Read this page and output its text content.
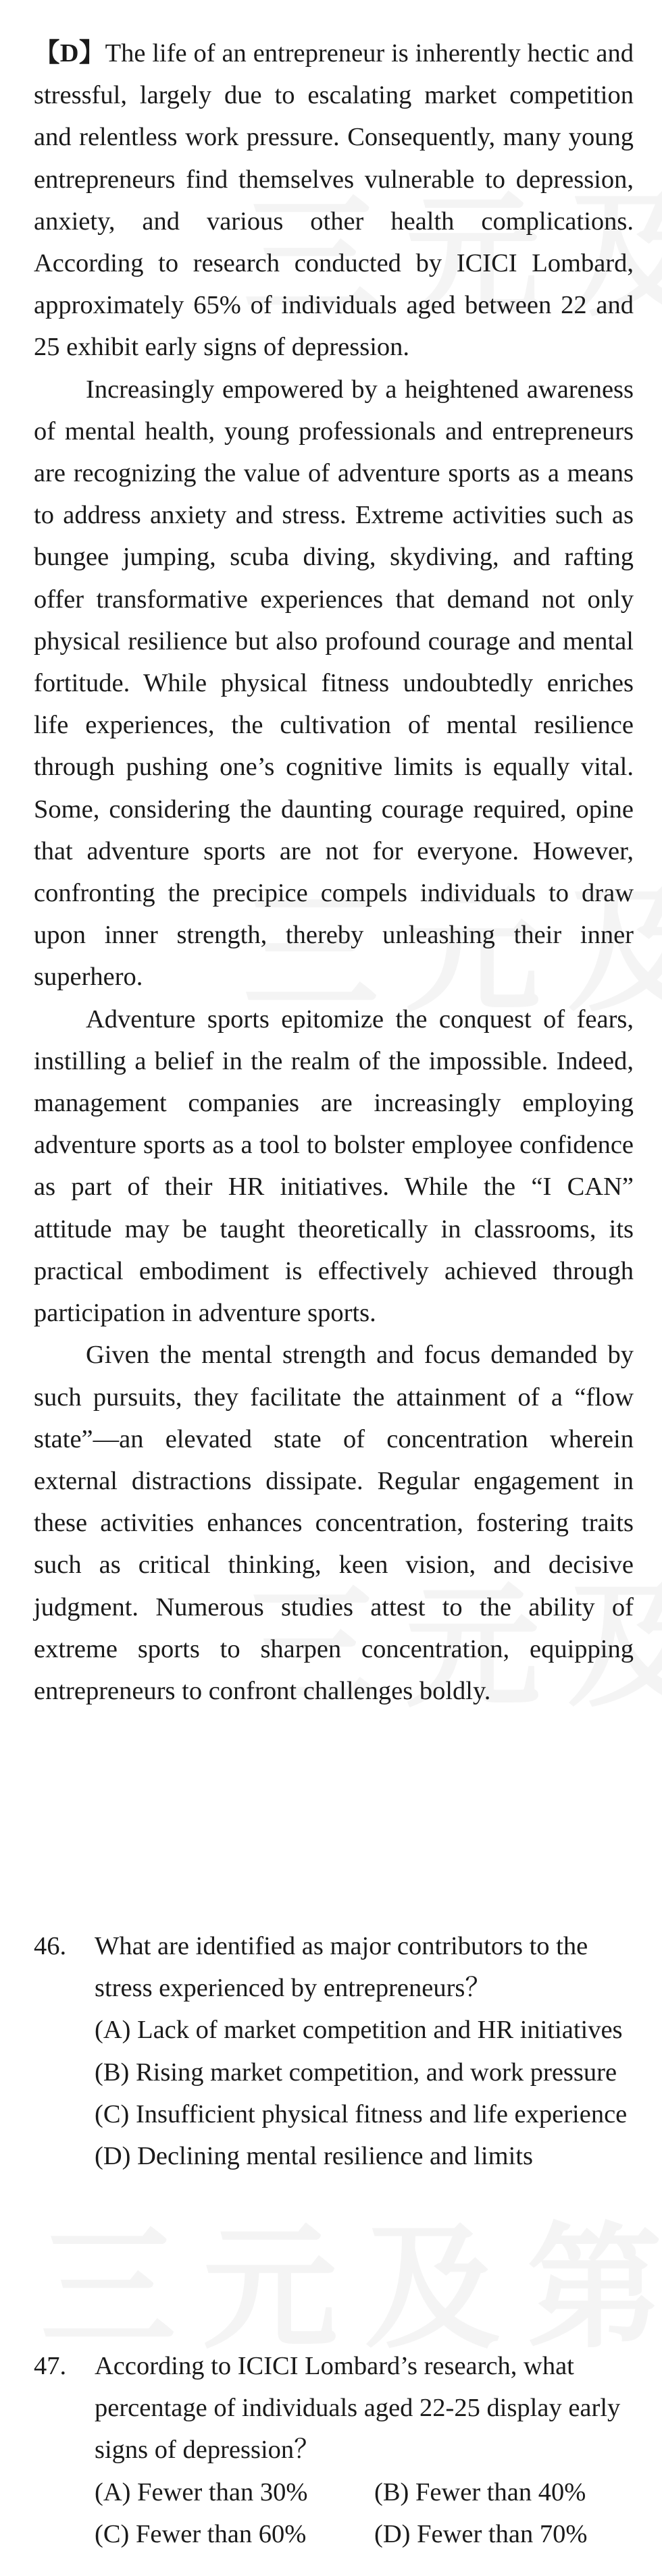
【D】The life of an entrepreneur is inherently hectic and stressful, largely due to escalating market competition and relentless work pressure. Consequently, many young entrepreneurs find themselves vulnerable to depression, anxiety, and various other health complications. According to research conducted by ICICI Lombard, approximately 65% of individuals aged between 22 and 25 exhibit early signs of depression.

Increasingly empowered by a heightened awareness of mental health, young professionals and entrepreneurs are recognizing the value of adventure sports as a means to address anxiety and stress. Extreme activities such as bungee jumping, scuba diving, skydiving, and rafting offer transformative experiences that demand not only physical resilience but also profound courage and mental fortitude. While physical fitness undoubtedly enriches life experiences, the cultivation of mental resilience through pushing one’s cognitive limits is equally vital. Some, considering the daunting courage required, opine that adventure sports are not for everyone. However, confronting the precipice compels individuals to draw upon inner strength, thereby unleashing their inner superhero.

Adventure sports epitomize the conquest of fears, instilling a belief in the realm of the impossible. Indeed, management companies are increasingly employing adventure sports as a tool to bolster employee confidence as part of their HR initiatives. While the “I CAN” attitude may be taught theoretically in classrooms, its practical embodiment is effectively achieved through participation in adventure sports.

Given the mental strength and focus demanded by such pursuits, they facilitate the attainment of a “flow state”—an elevated state of concentration wherein external distractions dissipate. Regular engagement in these activities enhances concentration, fostering traits such as critical thinking, keen vision, and decisive judgment. Numerous studies attest to the ability of extreme sports to sharpen concentration, equipping entrepreneurs to confront challenges boldly.

46.	What are identified as major contributors to the stress experienced by entrepreneurs？
(A) Lack of market competition and HR initiatives
(B) Rising market competition, and work pressure
(C) Insufficient physical fitness and life experience
(D) Declining mental resilience and limits
47.	According to ICICI Lombard’s research, what percentage of individuals aged 22-25 display early signs of depression？
(A) Fewer than 30%	(B) Fewer than 40%
(C) Fewer than 60%	(D) Fewer than 70%
